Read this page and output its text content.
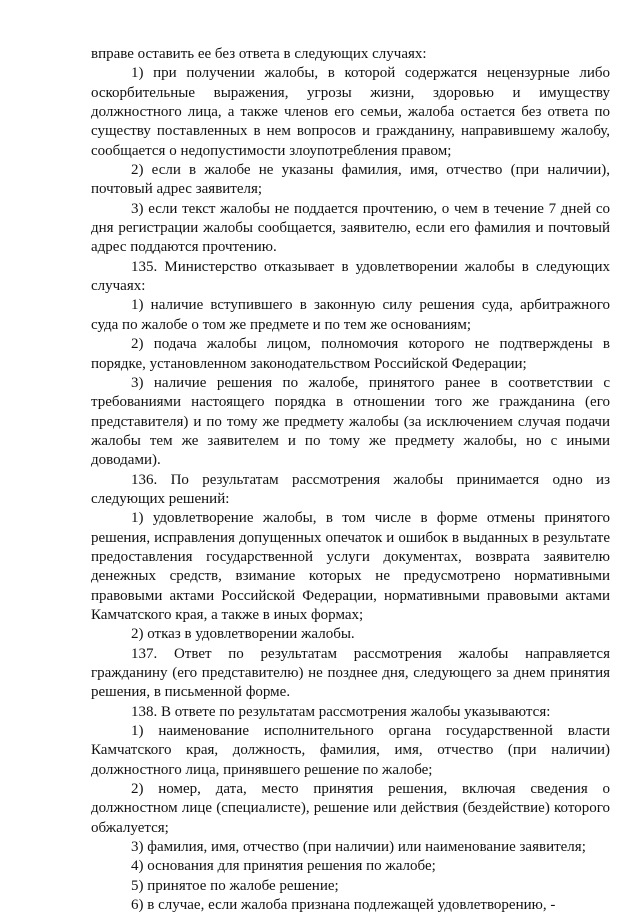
вправе оставить ее без ответа в следующих случаях:

1) при получении жалобы, в которой содержатся нецензурные либо оскорбительные выражения, угрозы жизни, здоровью и имуществу должностного лица, а также членов его семьи, жалоба остается без ответа по существу поставленных в нем вопросов и гражданину, направившему жалобу, сообщается о недопустимости злоупотребления правом;

2) если в жалобе не указаны фамилия, имя, отчество (при наличии), почтовый адрес заявителя;

3) если текст жалобы не поддается прочтению, о чем в течение 7 дней со дня регистрации жалобы сообщается, заявителю, если его фамилия и почтовый адрес поддаются прочтению.

135. Министерство отказывает в удовлетворении жалобы в следующих случаях:

1) наличие вступившего в законную силу решения суда, арбитражного суда по жалобе о том же предмете и по тем же основаниям;

2) подача жалобы лицом, полномочия которого не подтверждены в порядке, установленном законодательством Российской Федерации;

3) наличие решения по жалобе, принятого ранее в соответствии с требованиями настоящего порядка в отношении того же гражданина (его представителя) и по тому же предмету жалобы (за исключением случая подачи жалобы тем же заявителем и по тому же предмету жалобы, но с иными доводами).

136. По результатам рассмотрения жалобы принимается одно из следующих решений:

1) удовлетворение жалобы, в том числе в форме отмены принятого решения, исправления допущенных опечаток и ошибок в выданных в результате предоставления государственной услуги документах, возврата заявителю денежных средств, взимание которых не предусмотрено нормативными правовыми актами Российской Федерации, нормативными правовыми актами Камчатского края, а также в иных формах;

2) отказ в удовлетворении жалобы.

137. Ответ по результатам рассмотрения жалобы направляется гражданину (его представителю) не позднее дня, следующего за днем принятия решения, в письменной форме.

138. В ответе по результатам рассмотрения жалобы указываются:

1) наименование исполнительного органа государственной власти Камчатского края, должность, фамилия, имя, отчество (при наличии) должностного лица, принявшего решение по жалобе;

2) номер, дата, место принятия решения, включая сведения о должностном лице (специалисте), решение или действия (бездействие) которого обжалуется;

3) фамилия, имя, отчество (при наличии) или наименование заявителя;

4) основания для принятия решения по жалобе;

5) принятое по жалобе решение;

6) в случае, если жалоба признана подлежащей удовлетворению, -
